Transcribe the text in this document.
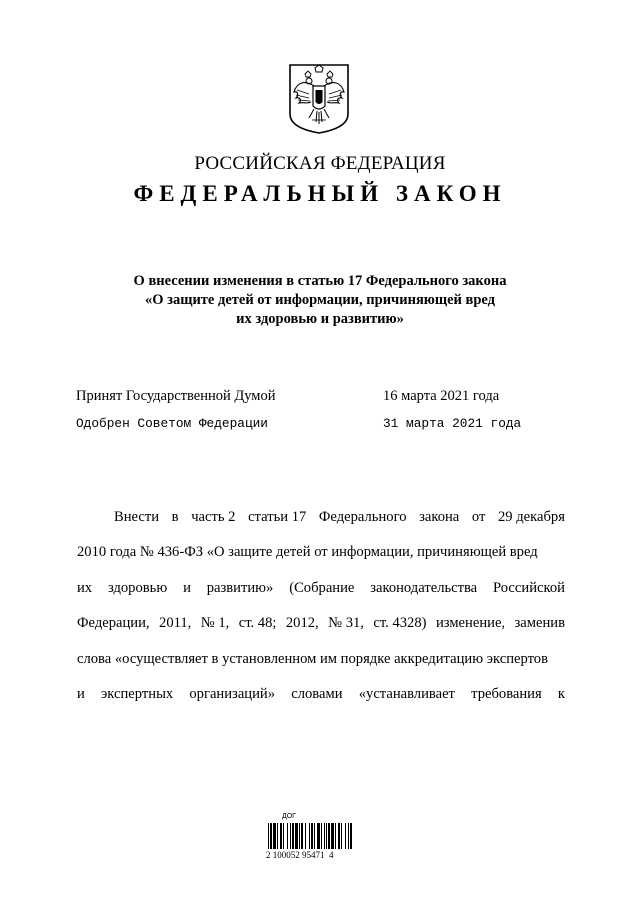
РОССИЙСКАЯ ФЕДЕРАЦИЯ
ФЕДЕРАЛЬНЫЙ ЗАКОН
О внесении изменения в статью 17 Федерального закона
«О защите детей от информации, причиняющей вред
их здоровью и развитию»
Принят Государственной Думой	16 марта 2021 года
Одобрен Советом Федерации	31 марта 2021 года
Внести в часть 2 статьи 17 Федерального закона от 29 декабря
2010 года № 436-ФЗ «О защите детей от информации, причиняющей вред
их здоровью и развитию» (Собрание законодательства Российской
Федерации, 2011, № 1, ст. 48; 2012, № 31, ст. 4328) изменение, заменив
слова «осуществляет в установленном им порядке аккредитацию экспертов
и экспертных организаций» словами «устанавливает требования к
ДОГ
2 100052 95471  4
